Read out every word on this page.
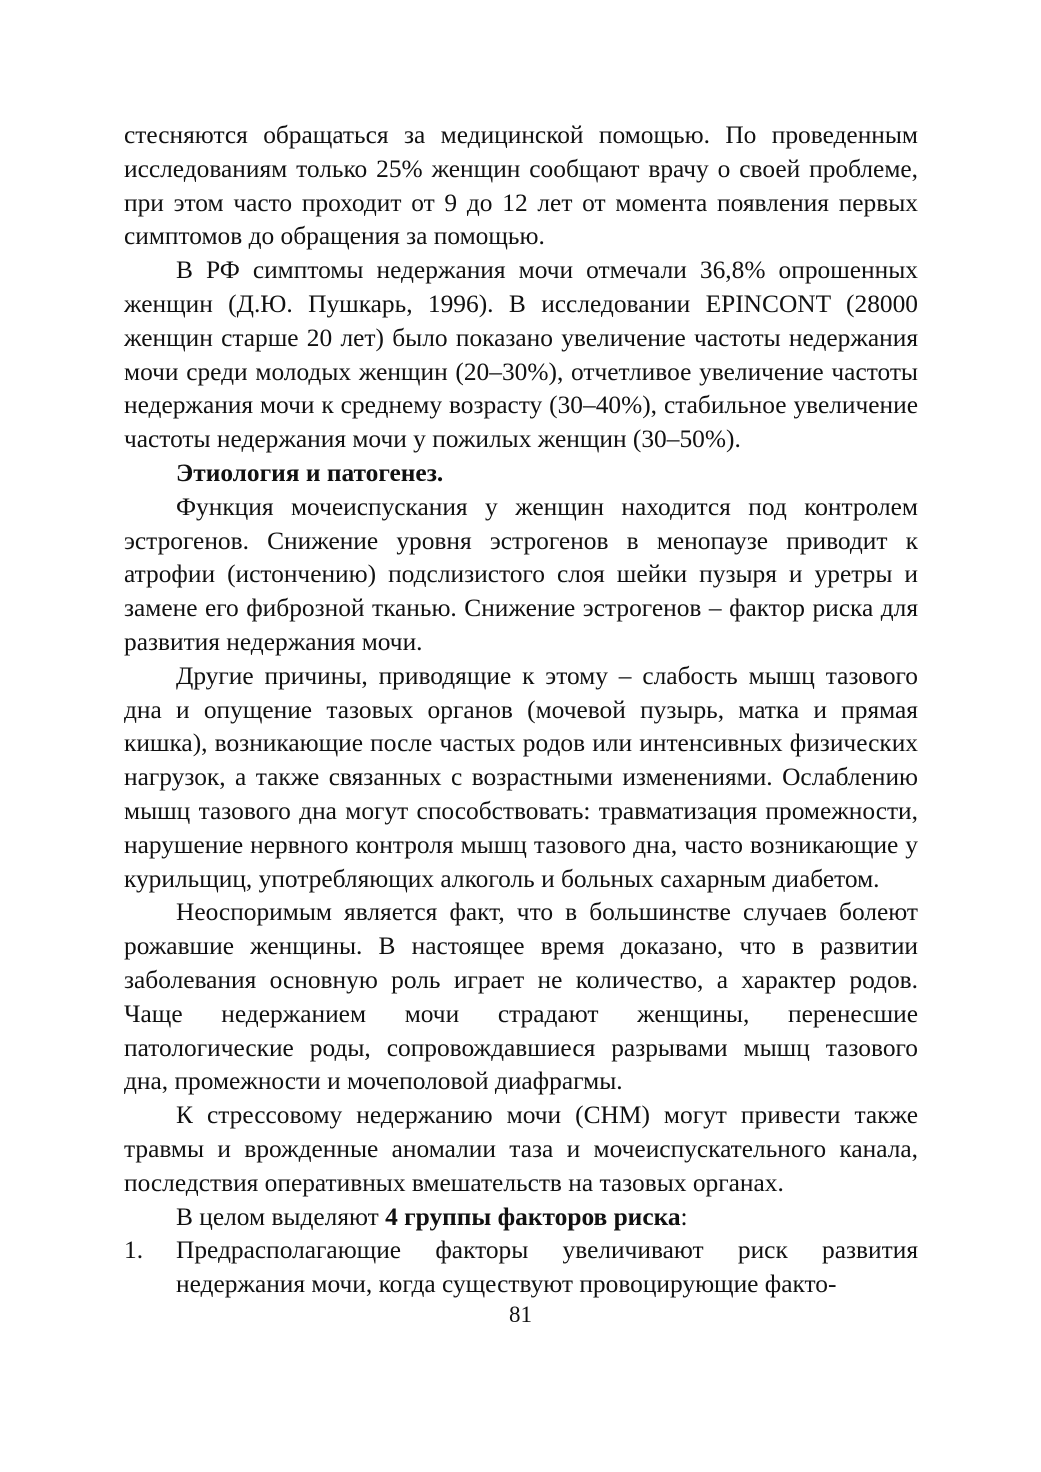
стесняются обращаться за медицинской помощью. По проведенным исследованиям только 25% женщин сообщают врачу о своей проблеме, при этом часто проходит от 9 до 12 лет от момента появления первых симптомов до обращения за помощью.

В РФ симптомы недержания мочи отмечали 36,8% опрошенных женщин (Д.Ю. Пушкарь, 1996). В исследовании EPINCONT (28000 женщин старше 20 лет) было показано увеличение частоты недержания мочи среди молодых женщин (20–30%), отчетливое увеличение частоты недержания мочи к среднему возрасту (30–40%), стабильное увеличение частоты недержания мочи у пожилых женщин (30–50%).

Этиология и патогенез.

Функция мочеиспускания у женщин находится под контролем эстрогенов. Снижение уровня эстрогенов в менопаузе приводит к атрофии (истончению) подслизистого слоя шейки пузыря и уретры и замене его фиброзной тканью. Снижение эстрогенов – фактор риска для развития недержания мочи.

Другие причины, приводящие к этому – слабость мышц тазового дна и опущение тазовых органов (мочевой пузырь, матка и прямая кишка), возникающие после частых родов или интенсивных физических нагрузок, а также связанных с возрастными изменениями. Ослаблению мышц тазового дна могут способствовать: травматизация промежности, нарушение нервного контроля мышц тазового дна, часто возникающие у курильщиц, употребляющих алкоголь и больных сахарным диабетом.

Неоспоримым является факт, что в большинстве случаев болеют рожавшие женщины. В настоящее время доказано, что в развитии заболевания основную роль играет не количество, а характер родов. Чаще недержанием мочи страдают женщины, перенесшие патологические роды, сопровождавшиеся разрывами мышц тазового дна, промежности и мочеполовой диафрагмы.

К стрессовому недержанию мочи (СНМ) могут привести также травмы и врожденные аномалии таза и мочеиспускательного канала, последствия оперативных вмешательств на тазовых органах.

В целом выделяют 4 группы факторов риска:

1. Предрасполагающие факторы увеличивают риск развития недержания мочи, когда существуют провоцирующие факто-

81
